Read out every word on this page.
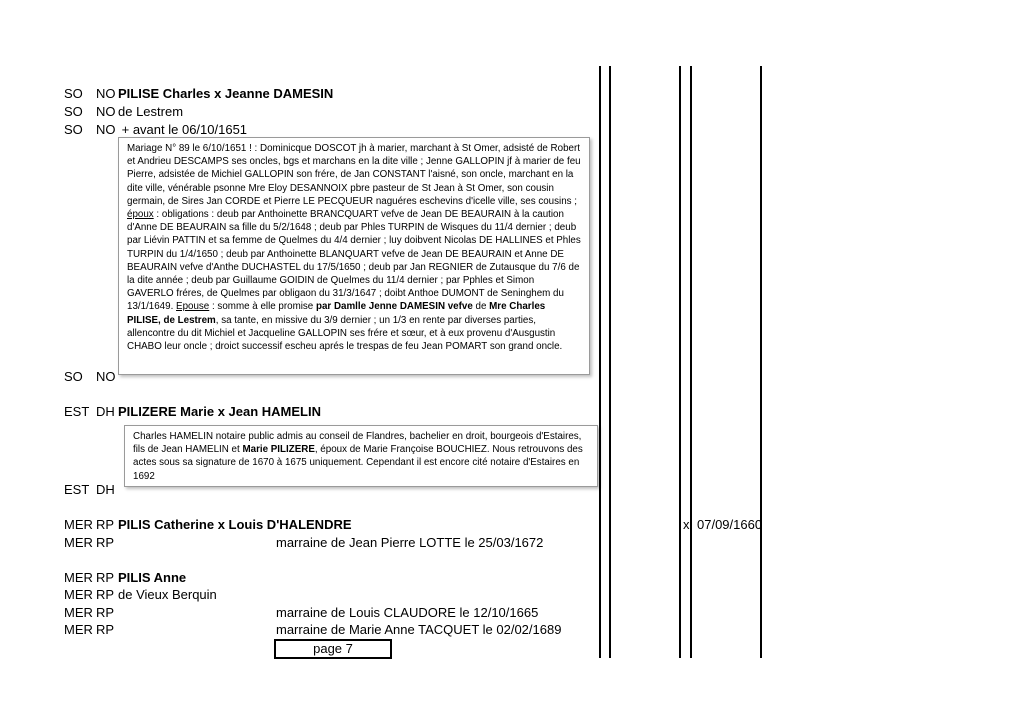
SO NO PILISE Charles x Jeanne DAMESIN
SO NO de Lestrem
SO NO + avant le 06/10/1651
Mariage N° 89 le 6/10/1651 ! : Dominicque DOSCOT jh à marier, marchant à St Omer, adsisté de Robert et Andrieu DESCAMPS ses oncles, bgs et marchans en la dite ville ; Jenne GALLOPIN jf à marier de feu Pierre, adsistée de Michiel GALLOPIN son frére, de Jan CONSTANT l'aisné, son oncle, marchant en la dite ville, vénérable psonne Mre Eloy DESANNOIX pbre pasteur de St Jean à St Omer, son cousin germain, de Sires Jan CORDE et Pierre LE PECQUEUR naguéres eschevins d'icelle ville, ses cousins ; époux : obligations : deub par Anthoinette BRANCQUART vefve de Jean DE BEAURAIN à la caution d'Anne DE BEAURAIN sa fille du 5/2/1648 ; deub par Phles TURPIN de Wisques du 11/4 dernier ; deub par Liévin PATTIN et sa femme de Quelmes du 4/4 dernier ; luy doibvent Nicolas DE HALLINES et Phles TURPIN du 1/4/1650 ; deub par Anthoinette BLANQUART vefve de Jean DE BEAURAIN et Anne DE BEAURAIN vefve d'Anthe DUCHASTEL du 17/5/1650 ; deub par Jan REGNIER de Zutausque du 7/6 de la dite année ; deub par Guillaume GOIDIN de Quelmes du 11/4 dernier ; par Pphles et Simon GAVERLO fréres, de Quelmes par obligaon du 31/3/1647 ; doibt Anthoe DUMONT de Seninghem du 13/1/1649. Epouse : somme à elle promise par Damlle Jenne DAMESIN vefve de Mre Charles PILISE, de Lestrem, sa tante, en missive du 3/9 dernier ; un 1/3 en rente par diverses parties, allencontre du dit Michiel et Jacqueline GALLOPIN ses frére et sœur, et à eux provenu d'Ausgustin CHABO leur oncle ; droict successif escheu aprés le trespas de feu Jean POMART son grand oncle.
SO NO
EST DH PILIZERE Marie x Jean HAMELIN
Charles HAMELIN notaire public admis au conseil de Flandres, bachelier en droit, bourgeois d'Estaires, fils de Jean HAMELIN et Marie PILIZERE, époux de Marie Françoise BOUCHIEZ. Nous retrouvons des actes sous sa signature de 1670 à 1675 uniquement. Cependant il est encore cité notaire d'Estaires en 1692
EST DH
MER RP PILIS Catherine x Louis D'HALENDRE	x 07/09/1660
MER RP	marraine de Jean Pierre LOTTE le 25/03/1672
MER RP PILIS Anne
MER RP de Vieux Berquin
MER RP	marraine de Louis CLAUDORE le 12/10/1665
MER RP	marraine de Marie Anne TACQUET le 02/02/1689
page 7
